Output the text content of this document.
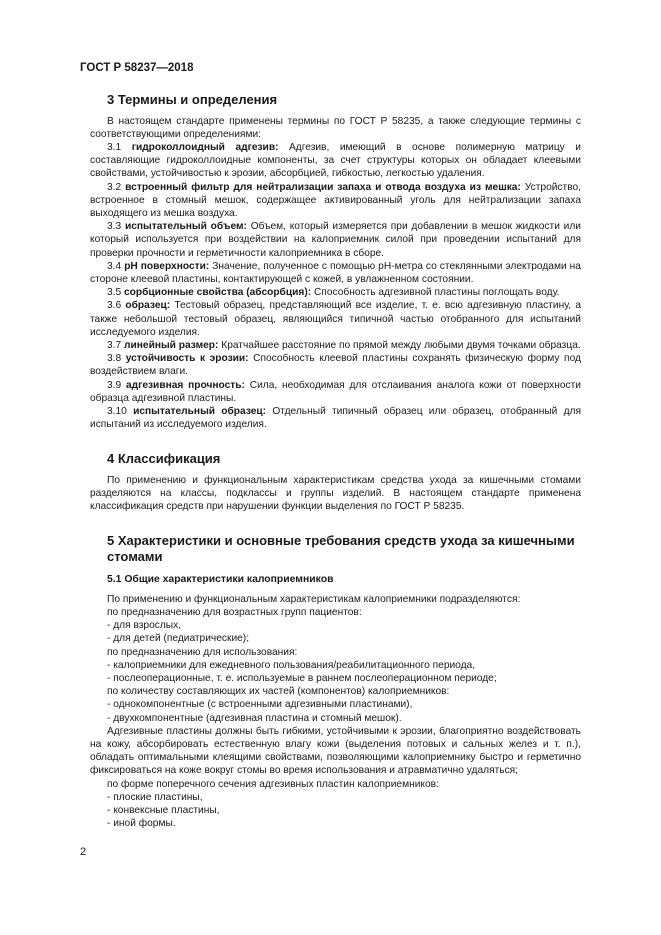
ГОСТ Р 58237—2018
3 Термины и определения

В настоящем стандарте применены термины по ГОСТ Р 58235, а также следующие термины с соответствующими определениями:

3.1 гидроколлоидный адгезив: Адгезив, имеющий в основе полимерную матрицу и составляющие гидроколлоидные компоненты, за счет структуры которых он обладает клеевыми свойствами, устойчивостью к эрозии, абсорбцией, гибкостью, легкостью удаления.

3.2 встроенный фильтр для нейтрализации запаха и отвода воздуха из мешка: Устройство, встроенное в стомный мешок, содержащее активированный уголь для нейтрализации запаха выходящего из мешка воздуха.

3.3 испытательный объем: Объем, который измеряется при добавлении в мешок жидкости или который используется при воздействии на калоприемник силой при проведении испытаний для проверки прочности и герметичности калоприемника в сборе.

3.4 pH поверхности: Значение, полученное с помощью pH-метра со стеклянными электродами на стороне клеевой пластины, контактирующей с кожей, в увлажненном состоянии.

3.5 сорбционные свойства (абсорбция): Способность адгезивной пластины поглощать воду.

3.6 образец: Тестовый образец, представляющий все изделие, т. е. всю адгезивную пластину, а также небольшой тестовый образец, являющийся типичной частью отобранного для испытаний исследуемого изделия.

3.7 линейный размер: Кратчайшее расстояние по прямой между любыми двумя точками образца.

3.8 устойчивость к эрозии: Способность клеевой пластины сохранять физическую форму под воздействием влаги.

3.9 адгезивная прочность: Сила, необходимая для отслаивания аналога кожи от поверхности образца адгезивной пластины.

3.10 испытательный образец: Отдельный типичный образец или образец, отобранный для испытаний из исследуемого изделия.

4 Классификация

По применению и функциональным характеристикам средства ухода за кишечными стомами разделяются на классы, подклассы и группы изделий. В настоящем стандарте применена классификация средств при нарушении функции выделения по ГОСТ Р 58235.

5 Характеристики и основные требования средств ухода за кишечными стомами
5.1 Общие характеристики калоприемников

По применению и функциональным характеристикам калоприемники подразделяются:

по предназначению для возрастных групп пациентов:

- для взрослых,

- для детей (педиатрические);

по предназначению для использования:

- калоприемники для ежедневного пользования/реабилитационного периода,

- послеоперационные, т. е. используемые в раннем послеоперационном периоде;

по количеству составляющих их частей (компонентов) калоприемников:

- однокомпонентные (с встроенными адгезивными пластинами),

- двухкомпонентные (адгезивная пластина и стомный мешок).

Адгезивные пластины должны быть гибкими, устойчивыми к эрозии, благоприятно воздействовать на кожу, абсорбировать естественную влагу кожи (выделения потовых и сальных желез и т. п.), обладать оптимальными клеящими свойствами, позволяющими калоприемнику быстро и герметично фиксироваться на коже вокруг стомы во время использования и атравматично удаляться;

по форме поперечного сечения адгезивных пластин калоприемников:

- плоские пластины,

- конвексные пластины,

- иной формы.

2
